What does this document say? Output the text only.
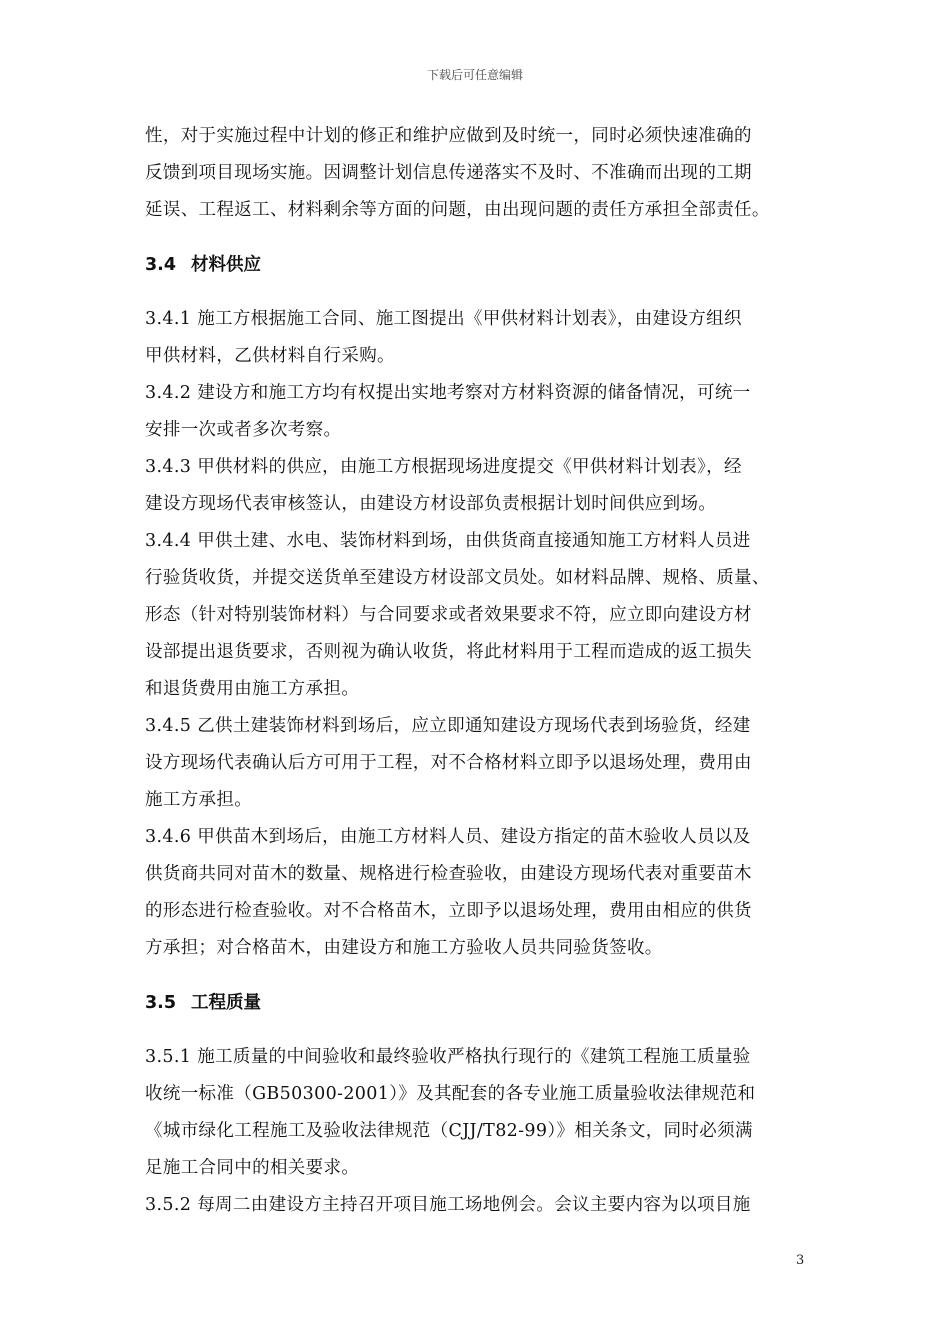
下载后可任意编辑

性，对于实施过程中计划的修正和维护应做到及时统一，同时必须快速准确的

反馈到项目现场实施。因调整计划信息传递落实不及时、不准确而出现的工期

延误、工程返工、材料剩余等方面的问题，由出现问题的责任方承担全部责任。

3.4 材料供应

3.4.1 施工方根据施工合同、施工图提出《甲供材料计划表》，由建设方组织

甲供材料，乙供材料自行采购。

3.4.2 建设方和施工方均有权提出实地考察对方材料资源的储备情况，可统一

安排一次或者多次考察。

3.4.3 甲供材料的供应，由施工方根据现场进度提交《甲供材料计划表》，经

建设方现场代表审核签认，由建设方材设部负责根据计划时间供应到场。

3.4.4 甲供土建、水电、装饰材料到场，由供货商直接通知施工方材料人员进

行验货收货，并提交送货单至建设方材设部文员处。如材料品牌、规格、质量、

形态（针对特别装饰材料）与合同要求或者效果要求不符，应立即向建设方材

设部提出退货要求，否则视为确认收货，将此材料用于工程而造成的返工损失

和退货费用由施工方承担。

3.4.5 乙供土建装饰材料到场后，应立即通知建设方现场代表到场验货，经建

设方现场代表确认后方可用于工程，对不合格材料立即予以退场处理，费用由

施工方承担。

3.4.6 甲供苗木到场后，由施工方材料人员、建设方指定的苗木验收人员以及

供货商共同对苗木的数量、规格进行检查验收，由建设方现场代表对重要苗木

的形态进行检查验收。对不合格苗木，立即予以退场处理，费用由相应的供货

方承担；对合格苗木，由建设方和施工方验收人员共同验货签收。

3.5 工程质量

3.5.1 施工质量的中间验收和最终验收严格执行现行的《建筑工程施工质量验

收统一标准（GB50300-2001）》及其配套的各专业施工质量验收法律规范和

《城市绿化工程施工及验收法律规范（CJJ/T82-99）》相关条文，同时必须满

足施工合同中的相关要求。

3.5.2 每周二由建设方主持召开项目施工场地例会。会议主要内容为以项目施

3
